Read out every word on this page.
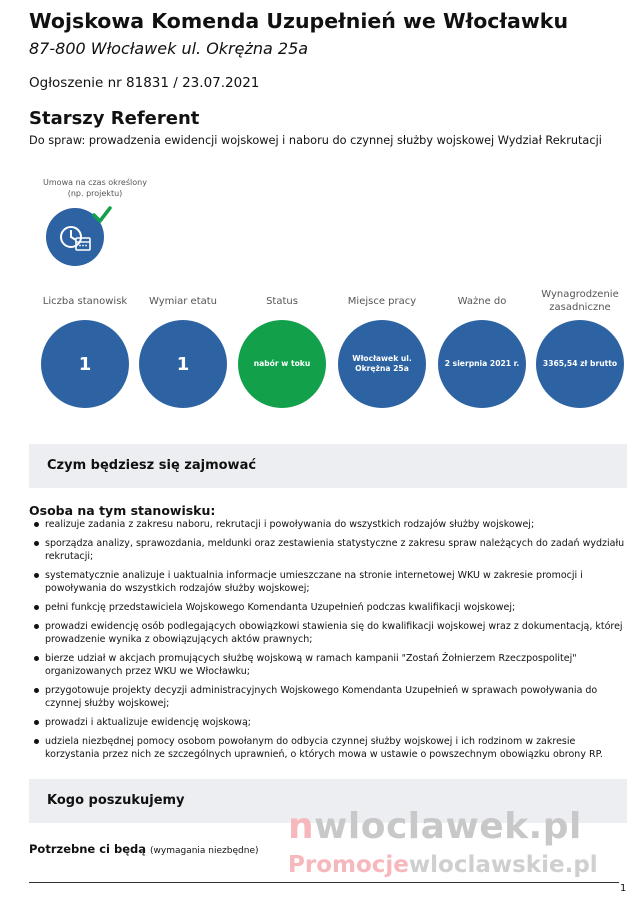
Wojskowa Komenda Uzupełnień we Włocławku
87-800 Włocławek ul. Okrężna 25a
Ogłoszenie nr 81831 / 23.07.2021
Starszy Referent
Do spraw: prowadzenia ewidencji wojskowej i naboru do czynnej służby wojskowej Wydział Rekrutacji
Umowa na czas określony
(np. projektu)
Liczba stanowisk
1
Wymiar etatu
1
Status
nabór w toku
Miejsce pracy
Włocławek ul. Okrężna 25a
Ważne do
2 sierpnia 2021 r.
Wynagrodzenie zasadniczne
3365,54 zł brutto
Czym będziesz się zajmować
Osoba na tym stanowisku:
realizuje zadania z zakresu naboru, rekrutacji i powoływania do wszystkich rodzajów służby wojskowej;
sporządza analizy, sprawozdania, meldunki oraz zestawienia statystyczne z zakresu spraw należących do zadań wydziału rekrutacji;
systematycznie analizuje i uaktualnia informacje umieszczane na stronie internetowej WKU w zakresie promocji i powoływania do wszystkich rodzajów służby wojskowej;
pełni funkcję przedstawiciela Wojskowego Komendanta Uzupełnień podczas kwalifikacji wojskowej;
prowadzi ewidencję osób podlegających obowiązkowi stawienia się do kwalifikacji wojskowej wraz z dokumentacją, której prowadzenie wynika z obowiązujących aktów prawnych;
bierze udział w akcjach promujących służbę wojskową w ramach kampanii "Zostań Żołnierzem Rzeczpospolitej" organizowanych przez WKU we Włocławku;
przygotowuje projekty decyzji administracyjnych Wojskowego Komendanta Uzupełnień w sprawach powoływania do czynnej służby wojskowej;
prowadzi i aktualizuje ewidencję wojskową;
udziela niezbędnej pomocy osobom powołanym do odbycia czynnej służby wojskowej i ich rodzinom w zakresie korzystania przez nich ze szczególnych uprawnień, o których mowa w ustawie o powszechnym obowiązku obrony RP.
Kogo poszukujemy
Potrzebne ci będą (wymagania niezbędne)
nwloclawek.pl
Promocjewloclawskie.pl
1
